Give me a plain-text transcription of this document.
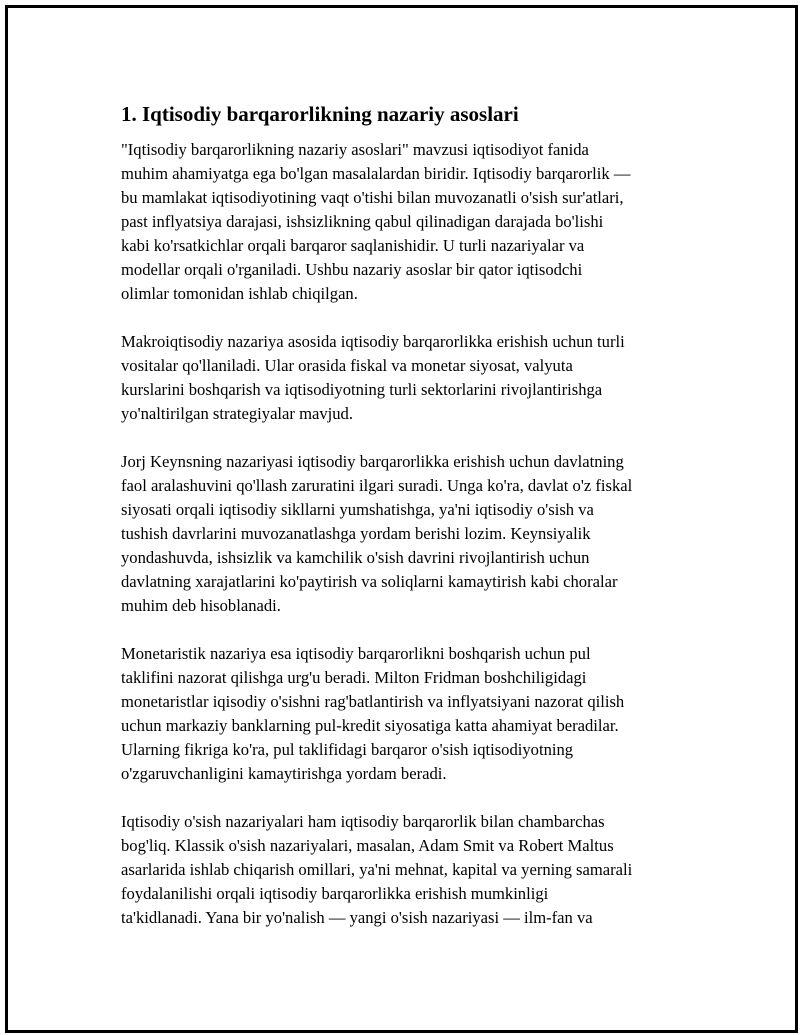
1. Iqtisodiy barqarorlikning nazariy asoslari

"Iqtisodiy barqarorlikning nazariy asoslari" mavzusi iqtisodiyot fanida
muhim ahamiyatga ega bo'lgan masalalardan biridir. Iqtisodiy barqarorlik —
bu mamlakat iqtisodiyotining vaqt o'tishi bilan muvozanatli o'sish sur'atlari,
past inflyatsiya darajasi, ishsizlikning qabul qilinadigan darajada bo'lishi
kabi ko'rsatkichlar orqali barqaror saqlanishidir. U turli nazariyalar va
modellar orqali o'rganiladi. Ushbu nazariy asoslar bir qator iqtisodchi
olimlar tomonidan ishlab chiqilgan.

Makroiqtisodiy nazariya asosida iqtisodiy barqarorlikka erishish uchun turli
vositalar qo'llaniladi. Ular orasida fiskal va monetar siyosat, valyuta
kurslarini boshqarish va iqtisodiyotning turli sektorlarini rivojlantirishga
yo'naltirilgan strategiyalar mavjud.

Jorj Keynsning nazariyasi iqtisodiy barqarorlikka erishish uchun davlatning
faol aralashuvini qo'llash zaruratini ilgari suradi. Unga ko'ra, davlat o'z fiskal
siyosati orqali iqtisodiy sikllarni yumshatishga, ya'ni iqtisodiy o'sish va
tushish davrlarini muvozanatlashga yordam berishi lozim. Keynsiyalik
yondashuvda, ishsizlik va kamchilik o'sish davrini rivojlantirish uchun
davlatning xarajatlarini ko'paytirish va soliqlarni kamaytirish kabi choralar
muhim deb hisoblanadi.

Monetaristik nazariya esa iqtisodiy barqarorlikni boshqarish uchun pul
taklifini nazorat qilishga urg'u beradi. Milton Fridman boshchiligidagi
monetaristlar iqisodiy o'sishni rag'batlantirish va inflyatsiyani nazorat qilish
uchun markaziy banklarning pul-kredit siyosatiga katta ahamiyat beradilar.
Ularning fikriga ko'ra, pul taklifidagi barqaror o'sish iqtisodiyotning
o'zgaruvchanligini kamaytirishga yordam beradi.

Iqtisodiy o'sish nazariyalari ham iqtisodiy barqarorlik bilan chambarchas
bog'liq. Klassik o'sish nazariyalari, masalan, Adam Smit va Robert Maltus
asarlarida ishlab chiqarish omillari, ya'ni mehnat, kapital va yerning samarali
foydalanilishi orqali iqtisodiy barqarorlikka erishish mumkinligi
ta'kidlanadi. Yana bir yo'nalish — yangi o'sish nazariyasi — ilm-fan va
